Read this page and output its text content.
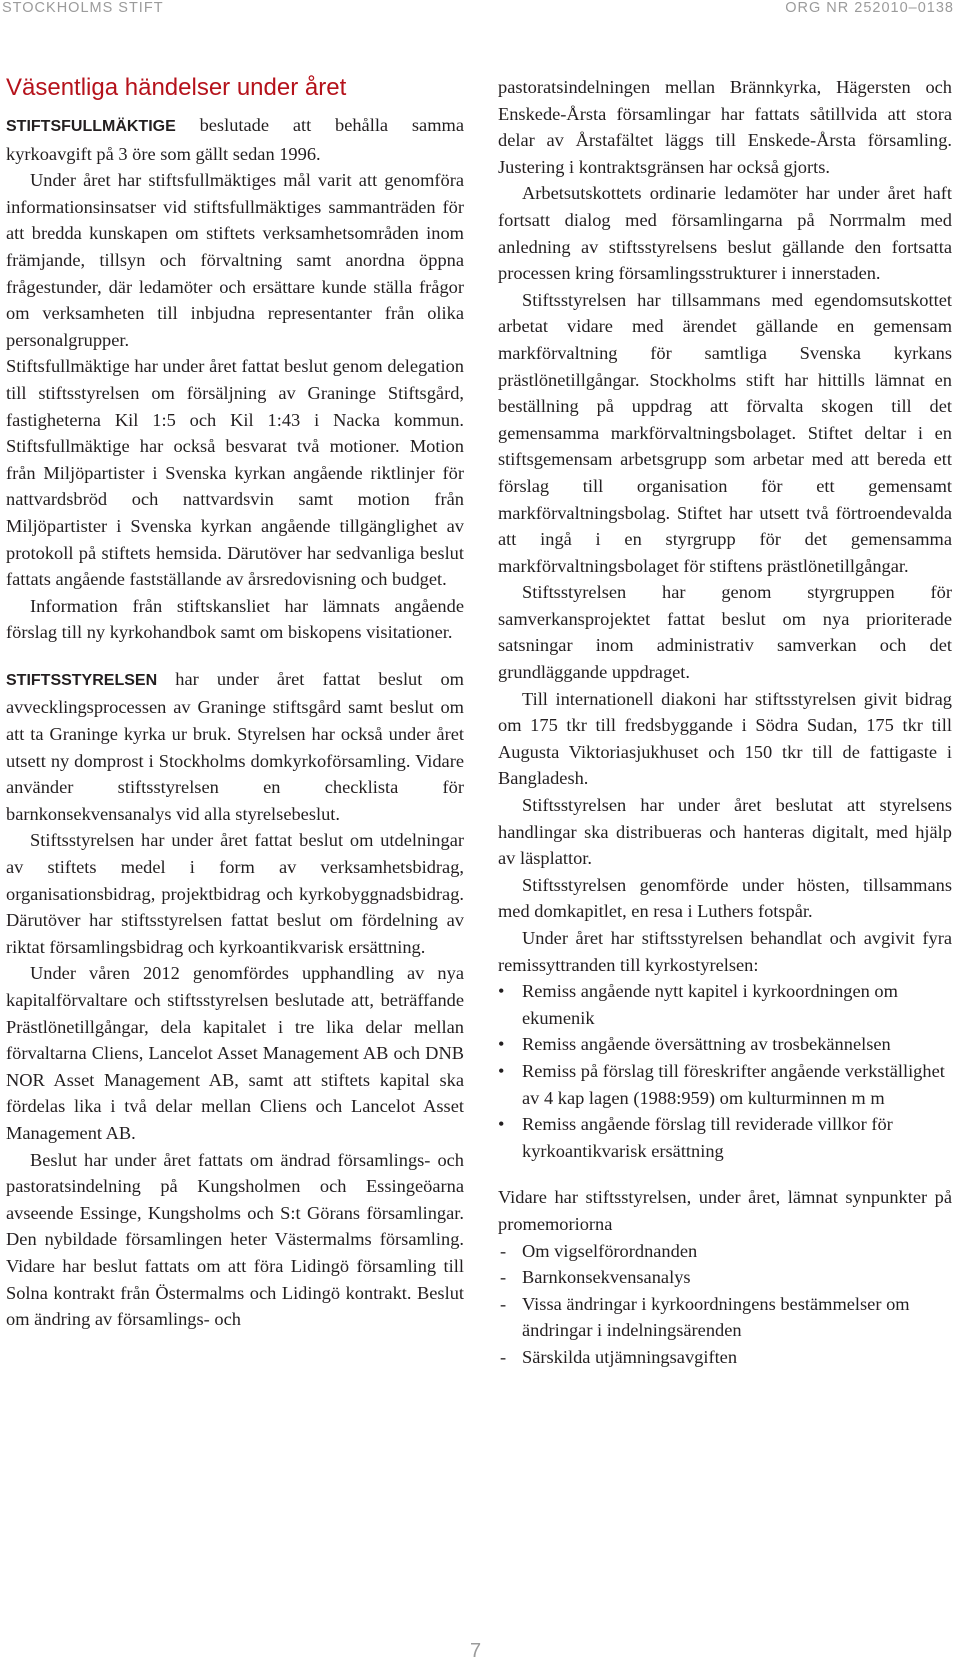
STOCKHOLMS STIFT	ORG NR 252010–0138
Väsentliga händelser under året

STIFTSFULLMÄKTIGE beslutade att behålla samma kyrkoavgift på 3 öre som gällt sedan 1996.

Under året har stiftsfullmäktiges mål varit att genomföra informationsinsatser vid stiftsfullmäktiges sammanträden för att bredda kunskapen om stiftets verksamhetsområden inom främjande, tillsyn och förvaltning samt anordna öppna frågestunder, där ledamöter och ersättare kunde ställa frågor om verksamheten till inbjudna representanter från olika personalgrupper.

Stiftsfullmäktige har under året fattat beslut genom delegation till stiftsstyrelsen om försäljning av Graninge Stiftsgård, fastigheterna Kil 1:5 och Kil 1:43 i Nacka kommun. Stiftsfullmäktige har också besvarat två motioner. Motion från Miljöpartister i Svenska kyrkan angående riktlinjer för nattvardsbröd och nattvardsvin samt motion från Miljöpartister i Svenska kyrkan angående tillgänglighet av protokoll på stiftets hemsida. Därutöver har sedvanliga beslut fattats angående fastställande av årsredovisning och budget.

Information från stiftskansliet har lämnats angående förslag till ny kyrkohandbok samt om biskopens visitationer.

STIFTSSTYRELSEN har under året fattat beslut om avvecklingsprocessen av Graninge stiftsgård samt beslut om att ta Graninge kyrka ur bruk. Styrelsen har också under året utsett ny domprost i Stockholms domkyrkoförsamling. Vidare använder stiftsstyrelsen en checklista för barnkonsekvensanalys vid alla styrelsebeslut.

Stiftsstyrelsen har under året fattat beslut om utdelningar av stiftets medel i form av verksamhetsbidrag, organisationsbidrag, projektbidrag och kyrkobyggnadsbidrag. Därutöver har stiftsstyrelsen fattat beslut om fördelning av riktat församlingsbidrag och kyrkoantikvarisk ersättning.

Under våren 2012 genomfördes upphandling av nya kapitalförvaltare och stiftsstyrelsen beslutade att, beträffande Prästlönetillgångar, dela kapitalet i tre lika delar mellan förvaltarna Cliens, Lancelot Asset Management AB och DNB NOR Asset Management AB, samt att stiftets kapital ska fördelas lika i två delar mellan Cliens och Lancelot Asset Management AB.

Beslut har under året fattats om ändrad församlings- och pastoratsindelning på Kungsholmen och Essingeöarna avseende Essinge, Kungsholms och S:t Görans församlingar. Den nybildade församlingen heter Västermalms församling. Vidare har beslut fattats om att föra Lidingö församling till Solna kontrakt från Östermalms och Lidingö kontrakt. Beslut om ändring av församlings- och

pastoratsindelningen mellan Brännkyrka, Hägersten och Enskede-Årsta församlingar har fattats såtillvida att stora delar av Årstafältet läggs till Enskede-Årsta församling. Justering i kontraktsgränsen har också gjorts.

Arbetsutskottets ordinarie ledamöter har under året haft fortsatt dialog med församlingarna på Norrmalm med anledning av stiftsstyrelsens beslut gällande den fortsatta processen kring församlingsstrukturer i innerstaden.

Stiftsstyrelsen har tillsammans med egendomsutskottet arbetat vidare med ärendet gällande en gemensam markförvaltning för samtliga Svenska kyrkans prästlönetillgångar. Stockholms stift har hittills lämnat en beställning på uppdrag att förvalta skogen till det gemensamma markförvaltningsbolaget. Stiftet deltar i en stiftsgemensam arbetsgrupp som arbetar med att bereda ett förslag till organisation för ett gemensamt markförvaltningsbolag. Stiftet har utsett två förtroendevalda att ingå i en styrgrupp för det gemensamma markförvaltningsbolaget för stiftens prästlönetillgångar.

Stiftsstyrelsen har genom styrgruppen för samverkansprojektet fattat beslut om nya prioriterade satsningar inom administrativ samverkan och det grundläggande uppdraget.

Till internationell diakoni har stiftsstyrelsen givit bidrag om 175 tkr till fredsbyggande i Södra Sudan, 175 tkr till Augusta Viktoriasjukhuset och 150 tkr till de fattigaste i Bangladesh.

Stiftsstyrelsen har under året beslutat att styrelsens handlingar ska distribueras och hanteras digitalt, med hjälp av läsplattor.

Stiftsstyrelsen genomförde under hösten, tillsammans med domkapitlet, en resa i Luthers fotspår.

Under året har stiftsstyrelsen behandlat och avgivit fyra remissyttranden till kyrkostyrelsen:

• Remiss angående nytt kapitel i kyrkoordningen om ekumenik
• Remiss angående översättning av trosbekännelsen
• Remiss på förslag till föreskrifter angående verkställighet av 4 kap lagen (1988:959) om kulturminnen m m
• Remiss angående förslag till reviderade villkor för kyrkoantikvarisk ersättning

Vidare har stiftsstyrelsen, under året, lämnat synpunkter på promemoriorna

- Om vigselförordnanden
- Barnkonsekvensanalys
- Vissa ändringar i kyrkoordningens bestämmelser om ändringar i indelningsärenden
- Särskilda utjämningsavgiften
7
